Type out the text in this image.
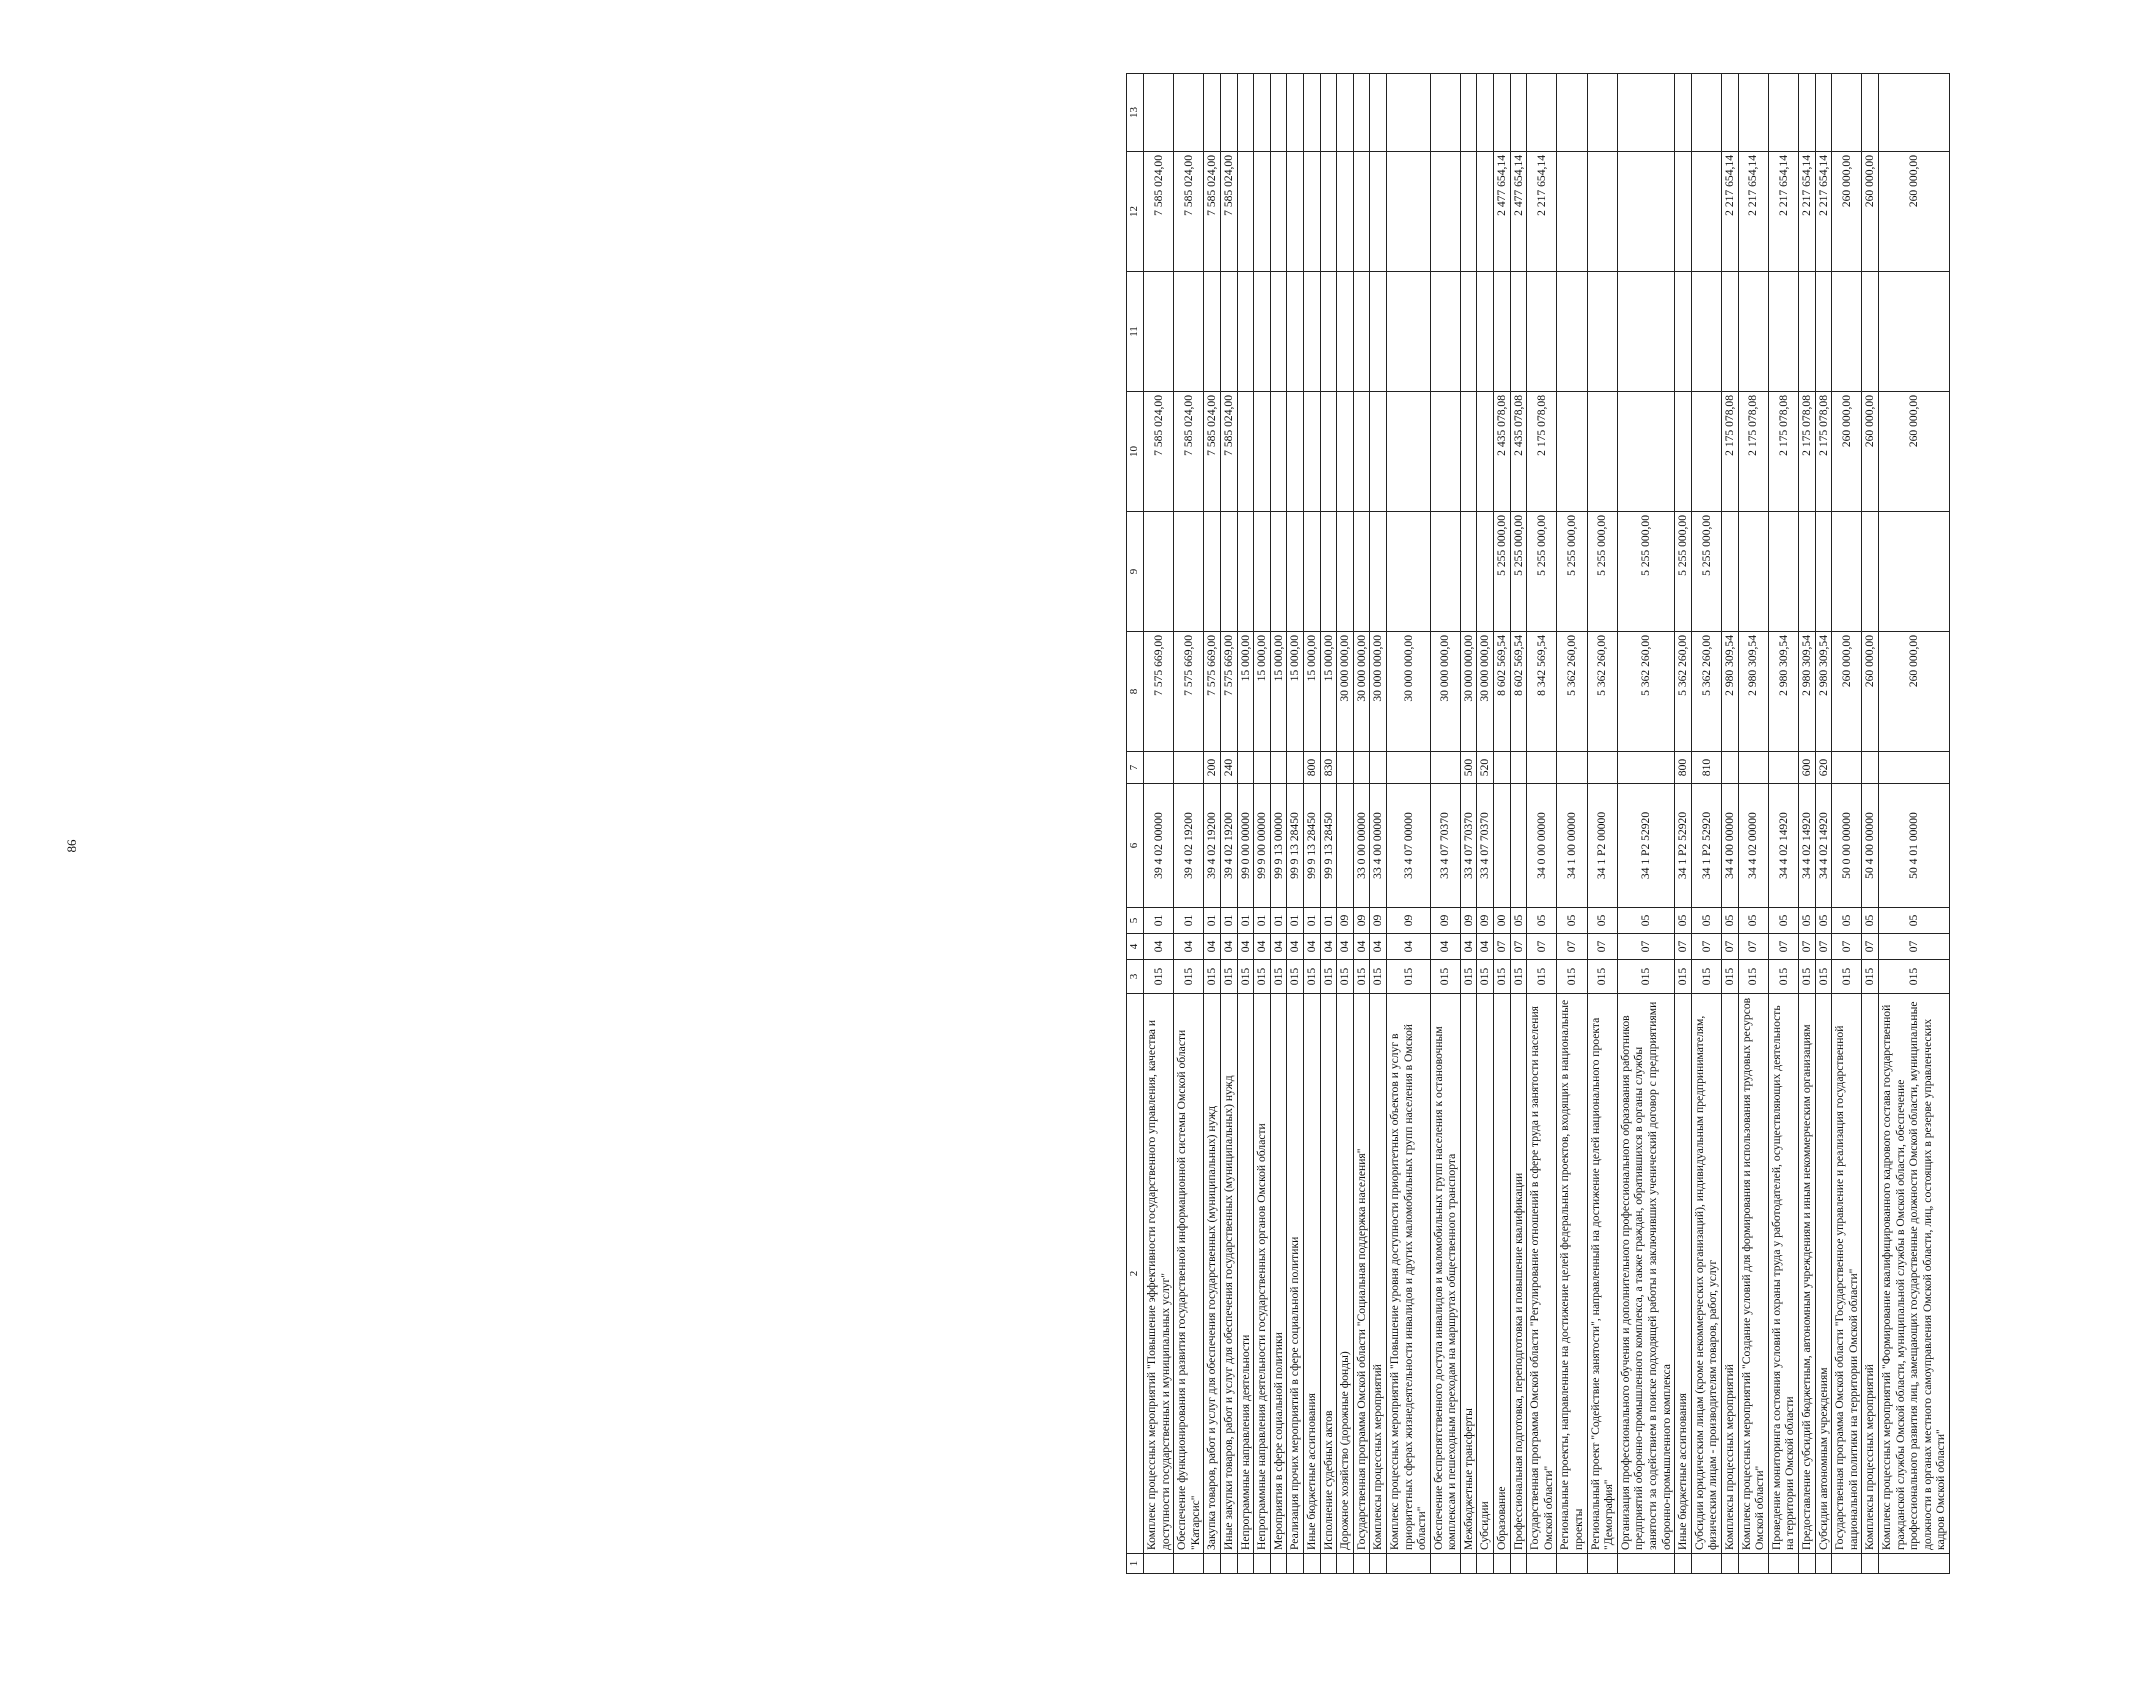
86
1	2	3	4	5	6	7	8	9	10	11	12	13
	Комплекс процессных мероприятий "Повышение эффективности государственного управления, качества и доступности государственных и муниципальных услуг"	015	04	01	39 4 02 00000		7 575 669,00		7 585 024,00		7 585 024,00	
	Обеспечение функционирования и развития государственной информационной системы Омской области "Катарсис"	015	04	01	39 4 02 19200		7 575 669,00		7 585 024,00		7 585 024,00	
	Закупка товаров, работ и услуг для обеспечения государственных (муниципальных) нужд	015	04	01	39 4 02 19200	200	7 575 669,00		7 585 024,00		7 585 024,00	
	Иные закупки товаров, работ и услуг для обеспечения государственных (муниципальных) нужд	015	04	01	39 4 02 19200	240	7 575 669,00		7 585 024,00		7 585 024,00	
	Непрограммные направления деятельности	015	04	01	99 0 00 00000		15 000,00					
	Непрограммные направления деятельности государственных органов Омской области	015	04	01	99 9 00 00000		15 000,00					
	Мероприятия в сфере социальной политики	015	04	01	99 9 13 00000		15 000,00					
	Реализация прочих мероприятий в сфере социальной политики	015	04	01	99 9 13 28450		15 000,00					
	Иные бюджетные ассигнования	015	04	01	99 9 13 28450	800	15 000,00					
	Исполнение судебных актов	015	04	01	99 9 13 28450	830	15 000,00					
	Дорожное хозяйство (дорожные фонды)	015	04	09			30 000 000,00					
	Государственная программа Омской области "Социальная поддержка населения"	015	04	09	33 0 00 00000		30 000 000,00					
	Комплексы процессных мероприятий	015	04	09	33 4 00 00000		30 000 000,00					
	Комплекс процессных мероприятий "Повышение уровня доступности приоритетных объектов и услуг в приоритетных сферах жизнедеятельности инвалидов и других маломобильных групп населения в Омской области"	015	04	09	33 4 07 00000		30 000 000,00					
	Обеспечение беспрепятственного доступа инвалидов и маломобильных групп населения к остановочным комплексам и пешеходным переходам на маршрутах общественного транспорта	015	04	09	33 4 07 70370		30 000 000,00					
	Межбюджетные трансферты	015	04	09	33 4 07 70370	500	30 000 000,00					
	Субсидии	015	04	09	33 4 07 70370	520	30 000 000,00					
	Образование	015	07	00			8 602 569,54	5 255 000,00	2 435 078,08		2 477 654,14	
	Профессиональная подготовка, переподготовка и повышение квалификации	015	07	05			8 602 569,54	5 255 000,00	2 435 078,08		2 477 654,14	
	Государственная программа Омской области "Регулирование отношений в сфере труда и занятости населения Омской области"	015	07	05	34 0 00 00000		8 342 569,54	5 255 000,00	2 175 078,08		2 217 654,14	
	Региональные проекты, направленные на достижение целей федеральных проектов, входящих в национальные проекты	015	07	05	34 1 00 00000		5 362 260,00	5 255 000,00				
	Региональный проект "Содействие занятости", направленный на достижение целей национального проекта "Демография"	015	07	05	34 1 P2 00000		5 362 260,00	5 255 000,00				
	Организация профессионального обучения и дополнительного профессионального образования работников предприятий оборонно-промышленного комплекса, а также граждан, обратившихся в органы службы занятости за содействием в поиске подходящей работы и заключивших ученический договор с предприятиями оборонно-промышленного комплекса	015	07	05	34 1 P2 52920		5 362 260,00	5 255 000,00				
	Иные бюджетные ассигнования	015	07	05	34 1 P2 52920	800	5 362 260,00	5 255 000,00				
	Субсидии юридическим лицам (кроме некоммерческих организаций), индивидуальным предпринимателям, физическим лицам - производителям товаров, работ, услуг	015	07	05	34 1 P2 52920	810	5 362 260,00	5 255 000,00				
	Комплексы процессных мероприятий	015	07	05	34 4 00 00000		2 980 309,54		2 175 078,08		2 217 654,14	
	Комплекс процессных мероприятий "Создание условий для формирования и использования трудовых ресурсов Омской области"	015	07	05	34 4 02 00000		2 980 309,54		2 175 078,08		2 217 654,14	
	Проведение мониторинга состояния условий и охраны труда у работодателей, осуществляющих деятельность на территории Омской области	015	07	05	34 4 02 14920		2 980 309,54		2 175 078,08		2 217 654,14	
	Предоставление субсидий бюджетным, автономным учреждениям и иным некоммерческим организациям	015	07	05	34 4 02 14920	600	2 980 309,54		2 175 078,08		2 217 654,14	
	Субсидии автономным учреждениям	015	07	05	34 4 02 14920	620	2 980 309,54		2 175 078,08		2 217 654,14	
	Государственная программа Омской области "Государственное управление и реализация государственной национальной политики на территории Омской области"	015	07	05	50 0 00 00000		260 000,00		260 000,00		260 000,00	
	Комплексы процессных мероприятий	015	07	05	50 4 00 00000		260 000,00		260 000,00		260 000,00	
	Комплекс процессных мероприятий "Формирование квалифицированного кадрового состава государственной гражданской службы Омской области, муниципальной службы в Омской области, обеспечение профессионального развития лиц, замещающих государственные должности Омской области, муниципальные должности в органах местного самоуправления Омской области, лиц, состоящих в резерве управленческих кадров Омской области"	015	07	05	50 4 01 00000		260 000,00		260 000,00		260 000,00	
